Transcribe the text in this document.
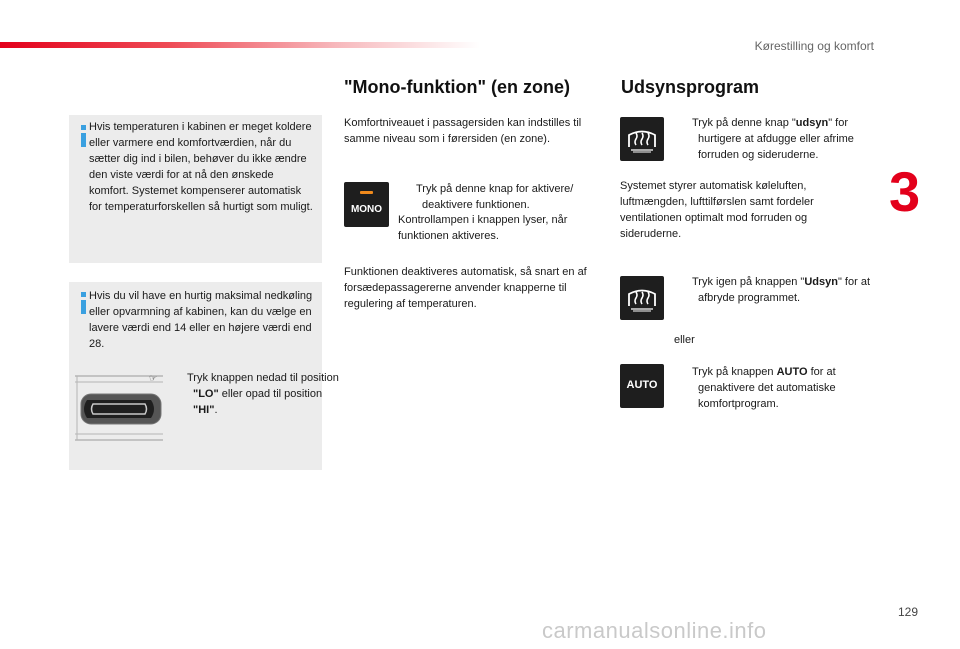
Kørestilling og komfort
3
Hvis temperaturen i kabinen er meget koldere eller varmere end komfortværdien, når du sætter dig ind i bilen, behøver du ikke ændre den viste værdi for at nå den ønskede komfort. Systemet kompenserer automatisk for temperaturforskellen så hurtigt som muligt.
Hvis du vil have en hurtig maksimal nedkøling eller opvarmning af kabinen, kan du vælge en lavere værdi end 14 eller en højere værdi end 28.
☞	Tryk knappen nedad til position "LO" eller opad til position "HI".
"Mono-funktion" (en zone)
Komfortniveauet i passagersiden kan indstilles til samme niveau som i førersiden (en zone).
MONO
☞	Tryk på denne knap for aktivere/ deaktivere funktionen.
Kontrollampen i knappen lyser, når funktionen aktiveres.
Funktionen deaktiveres automatisk, så snart en af forsædepassagererne anvender knapperne til regulering af temperaturen.
Udsynsprogram
☞	Tryk på denne knap "udsyn" for hurtigere at afdugge eller afrime forruden og sideruderne.
Systemet styrer automatisk køleluften, luftmængden, lufttilførslen samt fordeler ventilationen optimalt mod forruden og sideruderne.
☞	Tryk igen på knappen "Udsyn" for at afbryde programmet.
eller
AUTO
☞	Tryk på knappen AUTO for at genaktivere det automatiske komfortprogram.
129
carmanualsonline.info
